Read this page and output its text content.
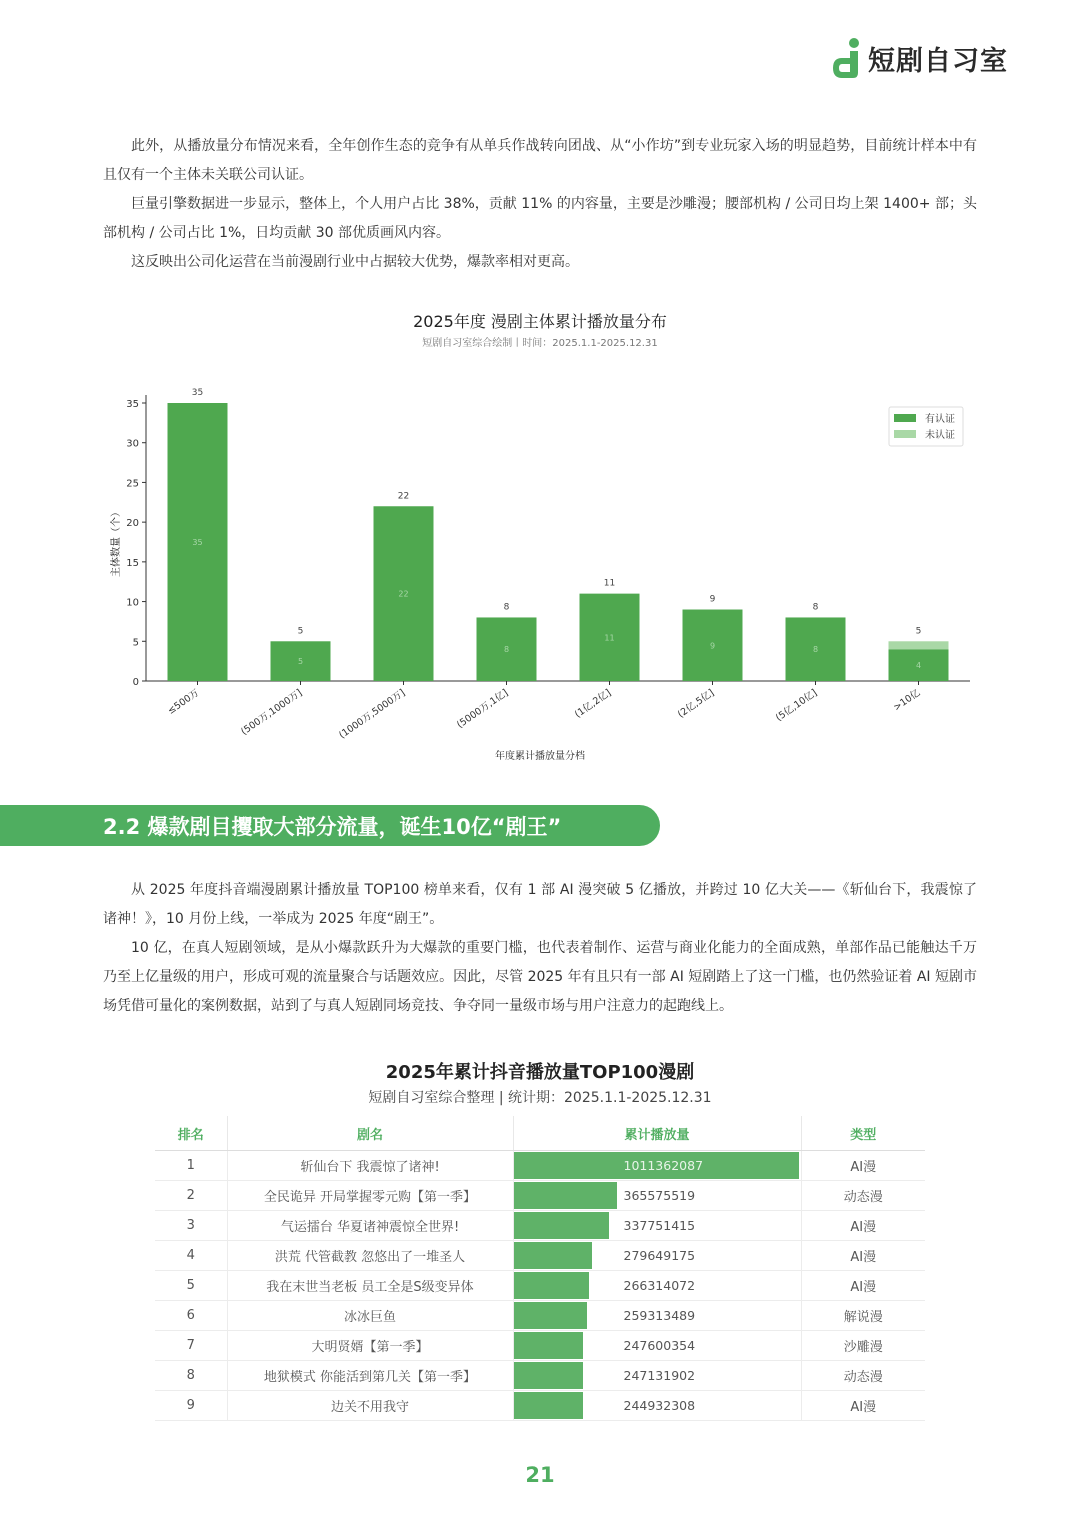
短剧自习室

此外，从播放量分布情况来看，全年创作生态的竞争有从单兵作战转向团战、从“小作坊”到专业玩家入场的明显趋势，目前统计样本中有且仅有一个主体未关联公司认证。

巨量引擎数据进一步显示，整体上，个人用户占比 38%，贡献 11% 的内容量，主要是沙雕漫；腰部机构 / 公司日均上架 1400+ 部；头部机构 / 公司占比 1%，日均贡献 30 部优质画风内容。

这反映出公司化运营在当前漫剧行业中占据较大优势，爆款率相对更高。

2025年度 漫剧主体累计播放量分布
短剧自习室综合绘制丨时间：2025.1.1-2025.12.31
0
5
10
15
20
25
30
35
35
35
≤500万
5
5
(500万,1000万]
22
22
(1000万,5000万]
8
8
(5000万,1亿]
11
11
(1亿,2亿]
9
9
(2亿,5亿]
8
8
(5亿,10亿]
4
5
>10亿
年度累计播放量分档
主体数量（个）
有认证
未认证
2.2 爆款剧目攫取大部分流量，诞生10亿“剧王”

从 2025 年度抖音端漫剧累计播放量 TOP100 榜单来看，仅有 1 部 AI 漫突破 5 亿播放，并跨过 10 亿大关——《斩仙台下，我震惊了诸神！》，10 月份上线，一举成为 2025 年度“剧王”。

10 亿，在真人短剧领域，是从小爆款跃升为大爆款的重要门槛，也代表着制作、运营与商业化能力的全面成熟，单部作品已能触达千万乃至上亿量级的用户，形成可观的流量聚合与话题效应。因此，尽管 2025 年有且只有一部 AI 短剧踏上了这一门槛，也仍然验证着 AI 短剧市场凭借可量化的案例数据，站到了与真人短剧同场竞技、争夺同一量级市场与用户注意力的起跑线上。

2025年累计抖音播放量TOP100漫剧
短剧自习室综合整理 | 统计期：2025.1.1-2025.12.31
排名	剧名	累计播放量	类型
1	斩仙台下 我震惊了诸神!	1011362087	AI漫
2	全民诡异 开局掌握零元购【第一季】	365575519	动态漫
3	气运擂台 华夏诸神震惊全世界!	337751415	AI漫
4	洪荒 代管截教 忽悠出了一堆圣人	279649175	AI漫
5	我在末世当老板 员工全是S级变异体	266314072	AI漫
6	冰冰巨鱼	259313489	解说漫
7	大明贤婿【第一季】	247600354	沙雕漫
8	地狱模式 你能活到第几关【第一季】	247131902	动态漫
9	边关不用我守	244932308	AI漫
21
